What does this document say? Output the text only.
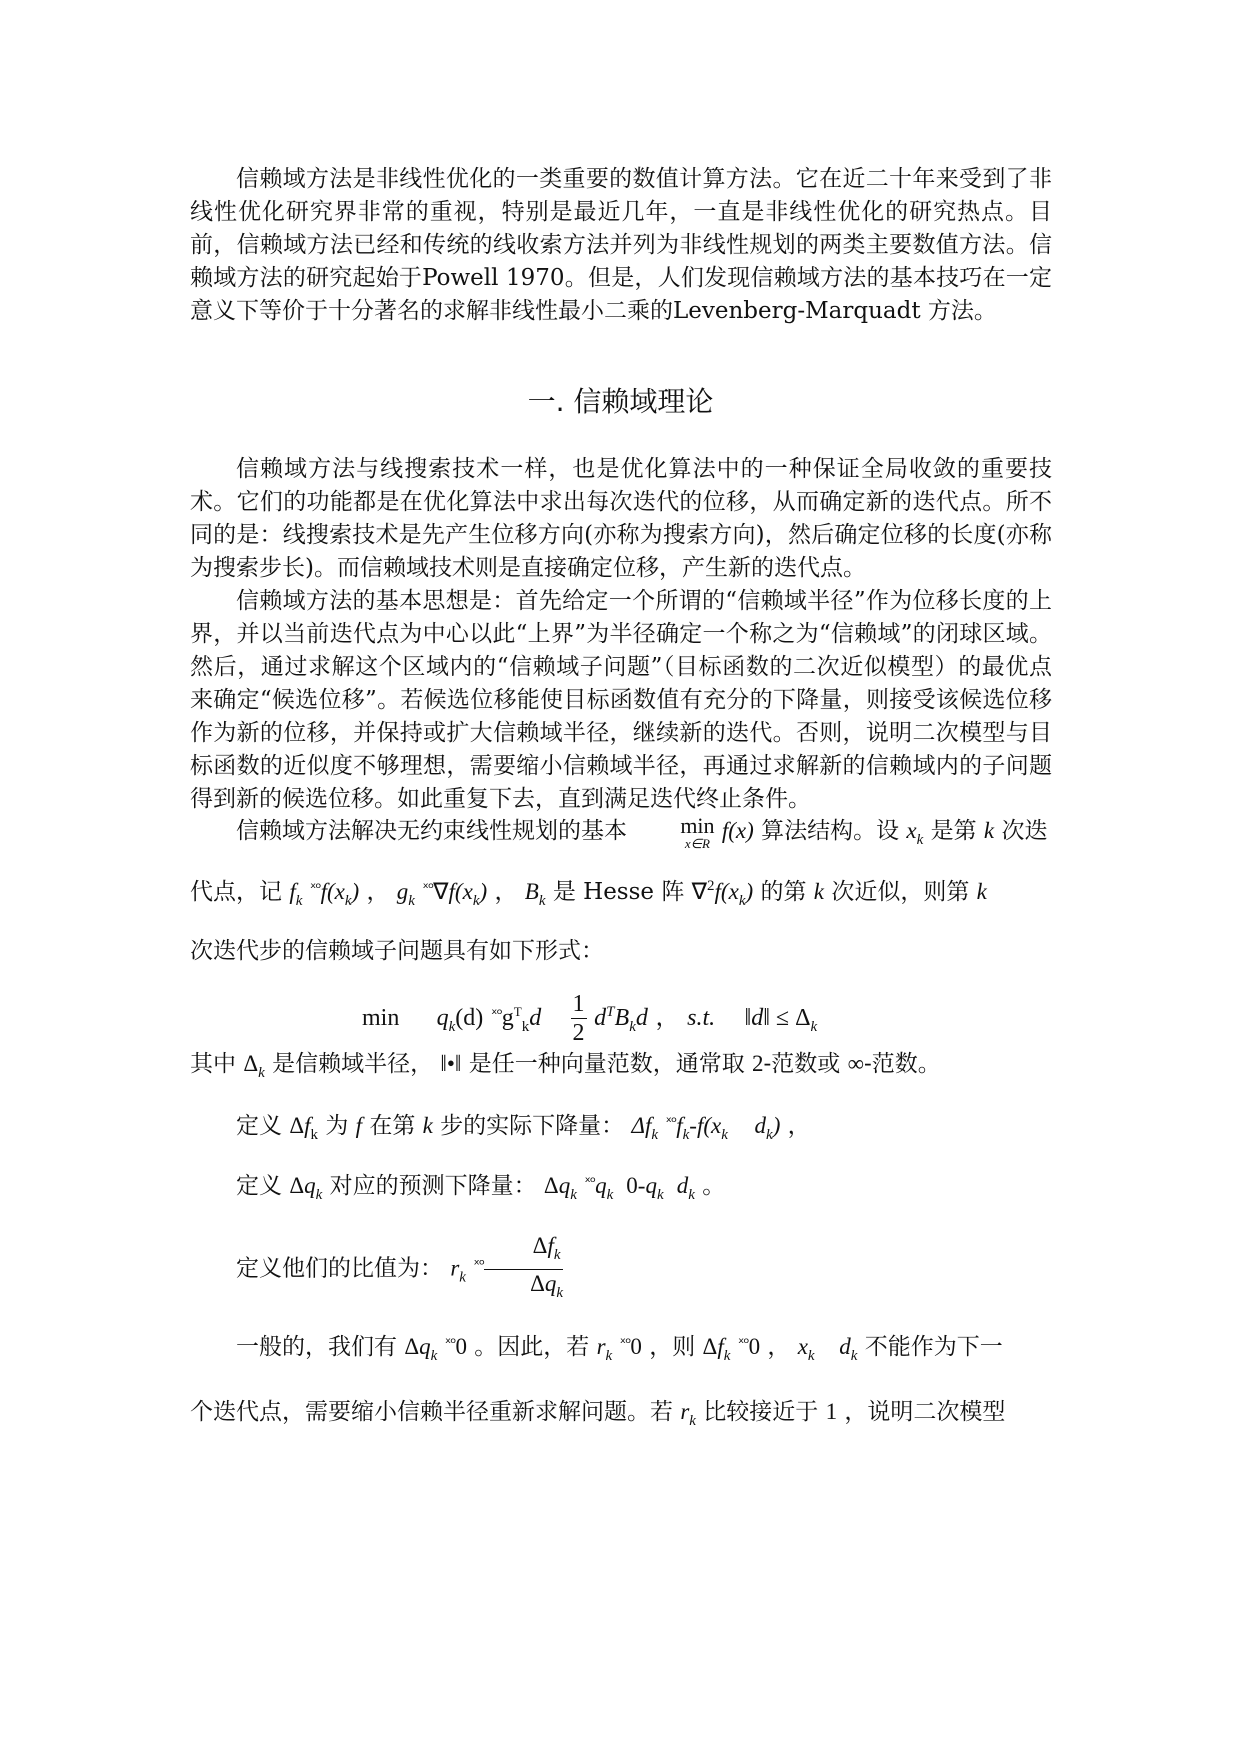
信赖域方法是非线性优化的一类重要的数值计算方法。它在近二十年来受到了非线性优化研究界非常的重视，特别是最近几年，一直是非线性优化的研究热点。目前，信赖域方法已经和传统的线收索方法并列为非线性规划的两类主要数值方法。信赖域方法的研究起始于Powell 1970。但是，人们发现信赖域方法的基本技巧在一定意义下等价于十分著名的求解非线性最小二乘的Levenberg-Marquadt 方法。

一. 信赖域理论

信赖域方法与线搜索技术一样，也是优化算法中的一种保证全局收敛的重要技术。它们的功能都是在优化算法中求出每次迭代的位移，从而确定新的迭代点。所不同的是：线搜索技术是先产生位移方向(亦称为搜索方向)，然后确定位移的长度(亦称为搜索步长)。而信赖域技术则是直接确定位移，产生新的迭代点。

信赖域方法的基本思想是：首先给定一个所谓的“信赖域半径”作为位移长度的上界，并以当前迭代点为中心以此“上界”为半径确定一个称之为“信赖域”的闭球区域。然后，通过求解这个区域内的“信赖域子问题”（目标函数的二次近似模型）的最优点来确定“候选位移”。若候选位移能使目标函数值有充分的下降量，则接受该候选位移作为新的位移，并保持或扩大信赖域半径，继续新的迭代。否则，说明二次模型与目标函数的近似度不够理想，需要缩小信赖域半径，再通过求解新的信赖域内的子问题得到新的候选位移。如此重复下去，直到满足迭代终止条件。

信赖域方法解决无约束线性规划的基本	min
x∈R
f(x) 算法结构。设 $x_k$ 是第 k 次迭
代点，记 $f_k$ $^{ˣᵒ}f(x_k)$ ， $g_k$ $^{ˣᵒ}\nabla f(x_k)$ ， $B_k$ 是 Hesse 阵 $\nabla^2f(x_k)$ 的第 k 次近似，则第 k
次迭代步的信赖域子问题具有如下形式：
$\min q_k(d)$ $^{ˣᵒ}g^T_kd \frac{1}{2} d^TB_kd$ ， s.t. ‖d‖ ≤ $\Delta_k$
其中 $\Delta_k$ 是信赖域半径， ‖•‖ 是任一种向量范数，通常取 2-范数或 ∞-范数。
定义 $\Delta f_k$ 为 f 在第 k 步的实际下降量： $\Delta f_k$ $^{ˣᵒ}f_k-f(x_k$ $d_k$) ，
定义 $\Delta q_k$ 对应的预测下降量： $\Delta q_k$ $^{ˣᵒ}q_k$  $0-q_k$  $d_k$ 。
定义他们的比值为： $r_k$ $^{ˣᵒ} \frac{\Delta f_k}{\Delta q_k}$
一般的，我们有 $\Delta q_k$ $^{ˣᵒ}$0 。因此，若 $r_k$ $^{ˣᵒ}$0 ，则 $\Delta f_k$ $^{ˣᵒ}$0 ， $x_k$ $d_k$ 不能作为下一
个迭代点，需要缩小信赖半径重新求解问题。若 $r_k$ 比较接近于 1 ，说明二次模型
